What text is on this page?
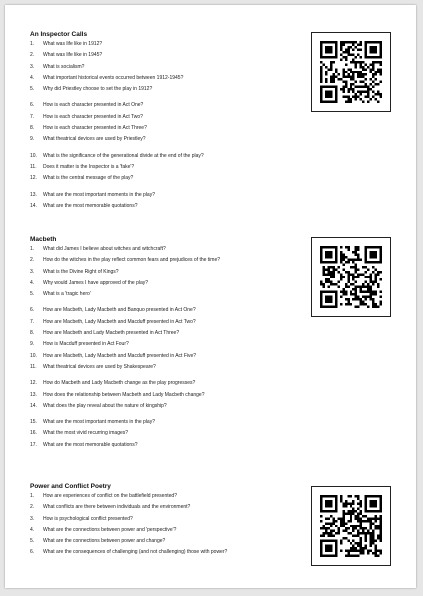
An Inspector Calls
1.	What was life like in 1912?
2.	What was life like in 1945?
3.	What is socialism?
4.	What important historical events occurred between 1912-1945?
5.	Why did Priestley choose to set the play in 1912?
6.	How is each character presented in Act One?
7.	How is each character presented in Act Two?
8.	How is each character presented in Act Three?
9.	What theatrical devices are used by Priestley?
10.	What is the significance of the generational divide at the end of the play?
11.	Does it matter is the Inspector is a 'fake'?
12.	What is the central message of the play?
13.	What are the most important moments in the play?
14.	What are the most memorable quotations?
Macbeth
1.	What did James I believe about witches and witchcraft?
2.	How do the witches in the play reflect common fears and prejudices of the time?
3.	What is the Divine Right of Kings?
4.	Why would James I have approved of the play?
5.	What is a 'tragic hero'
6.	How are Macbeth, Lady Macbeth and Banquo presented in Act One?
7.	How are Macbeth, Lady Macbeth and Macduff presented in Act Two?
8.	How are Macbeth and Lady Macbeth presented in Act Three?
9.	How is Macduff presented in Act Four?
10.	How are Macbeth, Lady Macbeth and Macduff presented in Act Five?
11.	What theatrical devices are used by Shakespeare?
12.	How do Macbeth and Lady Macbeth change as the play progresses?
13.	How does the relationship between Macbeth and Lady Macbeth change?
14.	What does the play reveal about the nature of kingship?
15.	What are the most important moments in the play?
16.	What the most vivid recurring images?
17.	What are the most memorable quotations?
Power and Conflict Poetry
1.	How are experiences of conflict on the battlefield presented?
2.	What conflicts are there between individuals and the environment?
3.	How is psychological conflict presented?
4.	What are the connections between power and 'perspective'?
5.	What are the connections between power and change?
6.	What are the consequences of challenging (and not challenging) those with power?
